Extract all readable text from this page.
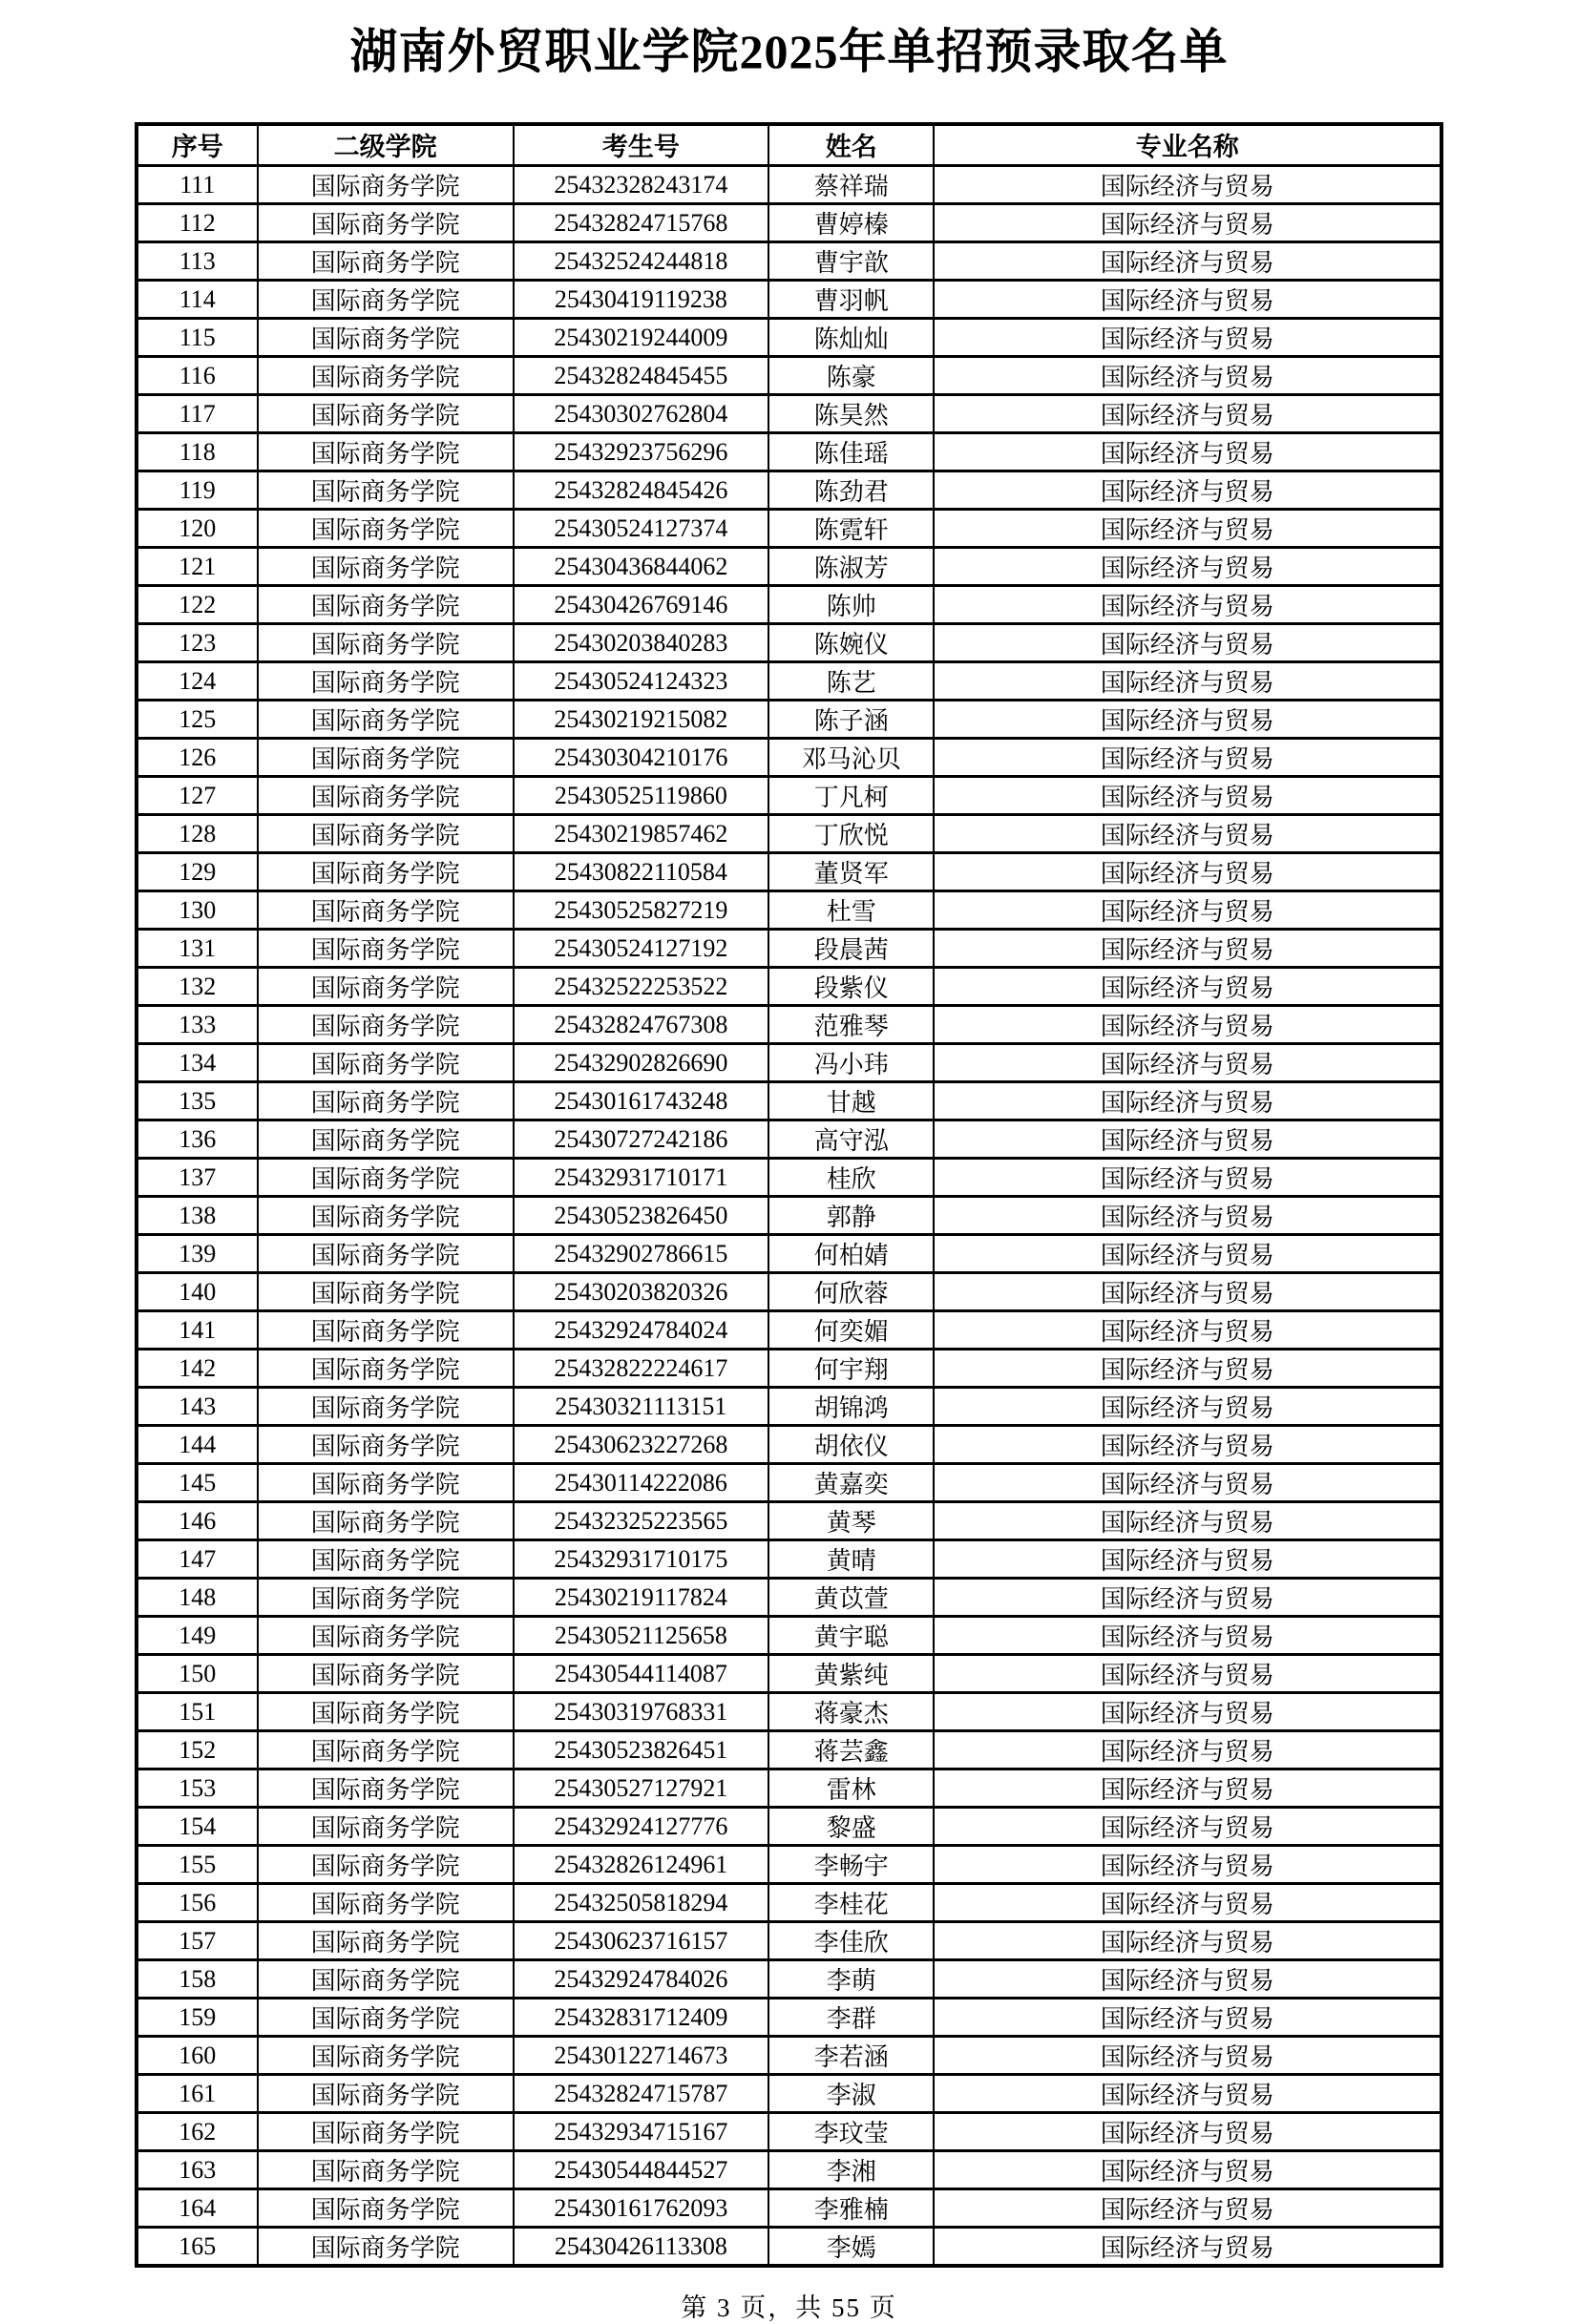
湖南外贸职业学院2025年单招预录取名单
序号	二级学院	考生号	姓名	专业名称
111	国际商务学院	25432328243174	蔡祥瑞	国际经济与贸易
112	国际商务学院	25432824715768	曹婷榛	国际经济与贸易
113	国际商务学院	25432524244818	曹宇歆	国际经济与贸易
114	国际商务学院	25430419119238	曹羽帆	国际经济与贸易
115	国际商务学院	25430219244009	陈灿灿	国际经济与贸易
116	国际商务学院	25432824845455	陈豪	国际经济与贸易
117	国际商务学院	25430302762804	陈昊然	国际经济与贸易
118	国际商务学院	25432923756296	陈佳瑶	国际经济与贸易
119	国际商务学院	25432824845426	陈劲君	国际经济与贸易
120	国际商务学院	25430524127374	陈霓轩	国际经济与贸易
121	国际商务学院	25430436844062	陈淑芳	国际经济与贸易
122	国际商务学院	25430426769146	陈帅	国际经济与贸易
123	国际商务学院	25430203840283	陈婉仪	国际经济与贸易
124	国际商务学院	25430524124323	陈艺	国际经济与贸易
125	国际商务学院	25430219215082	陈子涵	国际经济与贸易
126	国际商务学院	25430304210176	邓马沁贝	国际经济与贸易
127	国际商务学院	25430525119860	丁凡柯	国际经济与贸易
128	国际商务学院	25430219857462	丁欣悦	国际经济与贸易
129	国际商务学院	25430822110584	董贤军	国际经济与贸易
130	国际商务学院	25430525827219	杜雪	国际经济与贸易
131	国际商务学院	25430524127192	段晨茜	国际经济与贸易
132	国际商务学院	25432522253522	段紫仪	国际经济与贸易
133	国际商务学院	25432824767308	范雅琴	国际经济与贸易
134	国际商务学院	25432902826690	冯小玮	国际经济与贸易
135	国际商务学院	25430161743248	甘越	国际经济与贸易
136	国际商务学院	25430727242186	高守泓	国际经济与贸易
137	国际商务学院	25432931710171	桂欣	国际经济与贸易
138	国际商务学院	25430523826450	郭静	国际经济与贸易
139	国际商务学院	25432902786615	何柏婧	国际经济与贸易
140	国际商务学院	25430203820326	何欣蓉	国际经济与贸易
141	国际商务学院	25432924784024	何奕媚	国际经济与贸易
142	国际商务学院	25432822224617	何宇翔	国际经济与贸易
143	国际商务学院	25430321113151	胡锦鸿	国际经济与贸易
144	国际商务学院	25430623227268	胡依仪	国际经济与贸易
145	国际商务学院	25430114222086	黄嘉奕	国际经济与贸易
146	国际商务学院	25432325223565	黄琴	国际经济与贸易
147	国际商务学院	25432931710175	黄晴	国际经济与贸易
148	国际商务学院	25430219117824	黄苡萱	国际经济与贸易
149	国际商务学院	25430521125658	黄宇聪	国际经济与贸易
150	国际商务学院	25430544114087	黄紫纯	国际经济与贸易
151	国际商务学院	25430319768331	蒋豪杰	国际经济与贸易
152	国际商务学院	25430523826451	蒋芸鑫	国际经济与贸易
153	国际商务学院	25430527127921	雷林	国际经济与贸易
154	国际商务学院	25432924127776	黎盛	国际经济与贸易
155	国际商务学院	25432826124961	李畅宇	国际经济与贸易
156	国际商务学院	25432505818294	李桂花	国际经济与贸易
157	国际商务学院	25430623716157	李佳欣	国际经济与贸易
158	国际商务学院	25432924784026	李萌	国际经济与贸易
159	国际商务学院	25432831712409	李群	国际经济与贸易
160	国际商务学院	25430122714673	李若涵	国际经济与贸易
161	国际商务学院	25432824715787	李淑	国际经济与贸易
162	国际商务学院	25432934715167	李玟莹	国际经济与贸易
163	国际商务学院	25430544844527	李湘	国际经济与贸易
164	国际商务学院	25430161762093	李雅楠	国际经济与贸易
165	国际商务学院	25430426113308	李嫣	国际经济与贸易
第 3 页，共 55 页
